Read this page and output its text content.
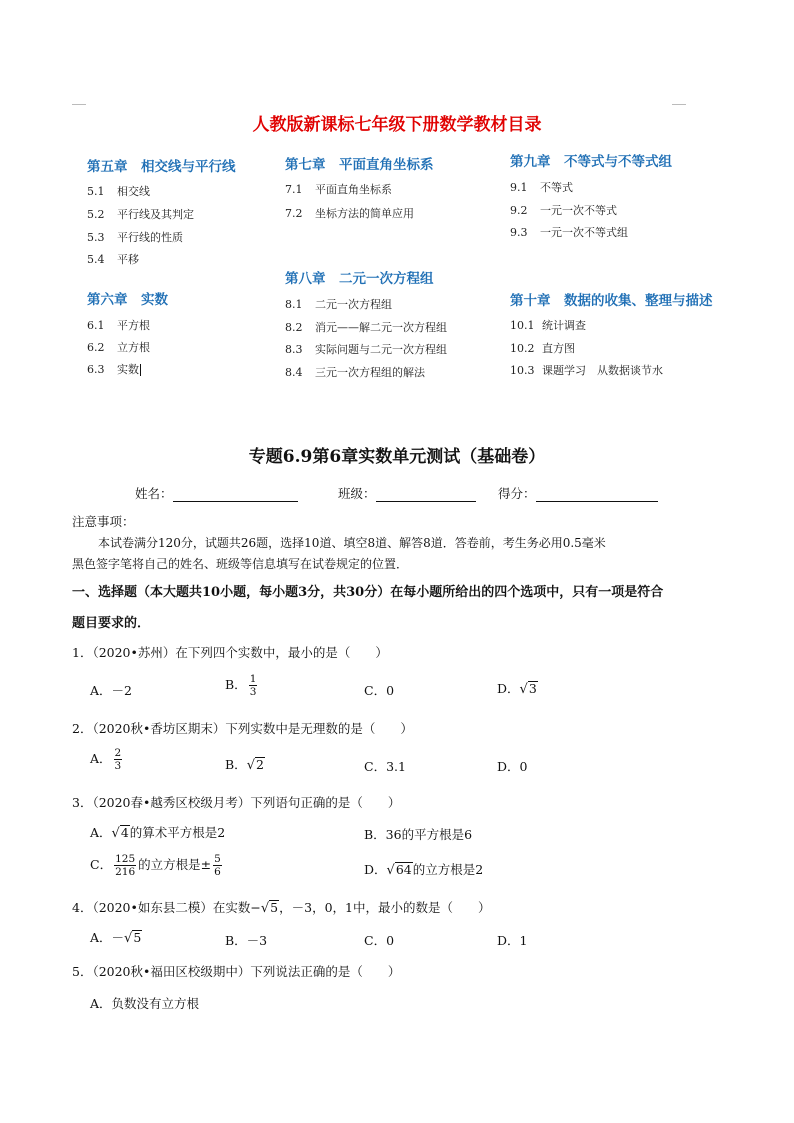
人教版新课标七年级下册数学教材目录
第五章　相交线与平行线
5.1 相交线
5.2 平行线及其判定
5.3 平行线的性质
5.4 平移
第六章　实数
6.1 平方根
6.2 立方根
6.3 实数
第七章　平面直角坐标系
7.1 平面直角坐标系
7.2 坐标方法的简单应用
第八章　二元一次方程组
8.1 二元一次方程组
8.2 消元——解二元一次方程组
8.3 实际问题与二元一次方程组
8.4 三元一次方程组的解法
第九章　不等式与不等式组
9.1 不等式
9.2 一元一次不等式
9.3 一元一次不等式组
第十章　数据的收集、整理与描述
10.1 统计调查
10.2 直方图
10.3 课题学习　从数据谈节水
专题6.9第6章实数单元测试（基础卷）
姓名：	班级：	得分：
注意事项：
本试卷满分120分，试题共26题，选择10道、填空8道、解答8道．答卷前，考生务必用0.5毫米
黑色签字笔将自己的姓名、班级等信息填写在试卷规定的位置．
一、选择题（本大题共10小题，每小题3分，共30分）在每小题所给出的四个选项中，只有一项是符合
题目要求的．
1．（2020•苏州）在下列四个实数中，最小的是（　　）
A．－2	B． $\frac{1}{3}$	C．0	D．√3
2．（2020秋•香坊区期末）下列实数中是无理数的是（　　）
A． $\frac{2}{3}$	B．√2	C．3.1	D．0
3．（2020春•越秀区校级月考）下列语句正确的是（　　）
A．√4的算术平方根是2	B．36的平方根是6
C． $\frac{125}{216}$ 的立方根是± $\frac{5}{6}$	D．√64的立方根是2
4．（2020•如东县二模）在实数−√5，－3，0，1中，最小的数是（　　）
A．－√5	B．－3	C．0	D．1
5．（2020秋•福田区校级期中）下列说法正确的是（　　）
A．负数没有立方根
